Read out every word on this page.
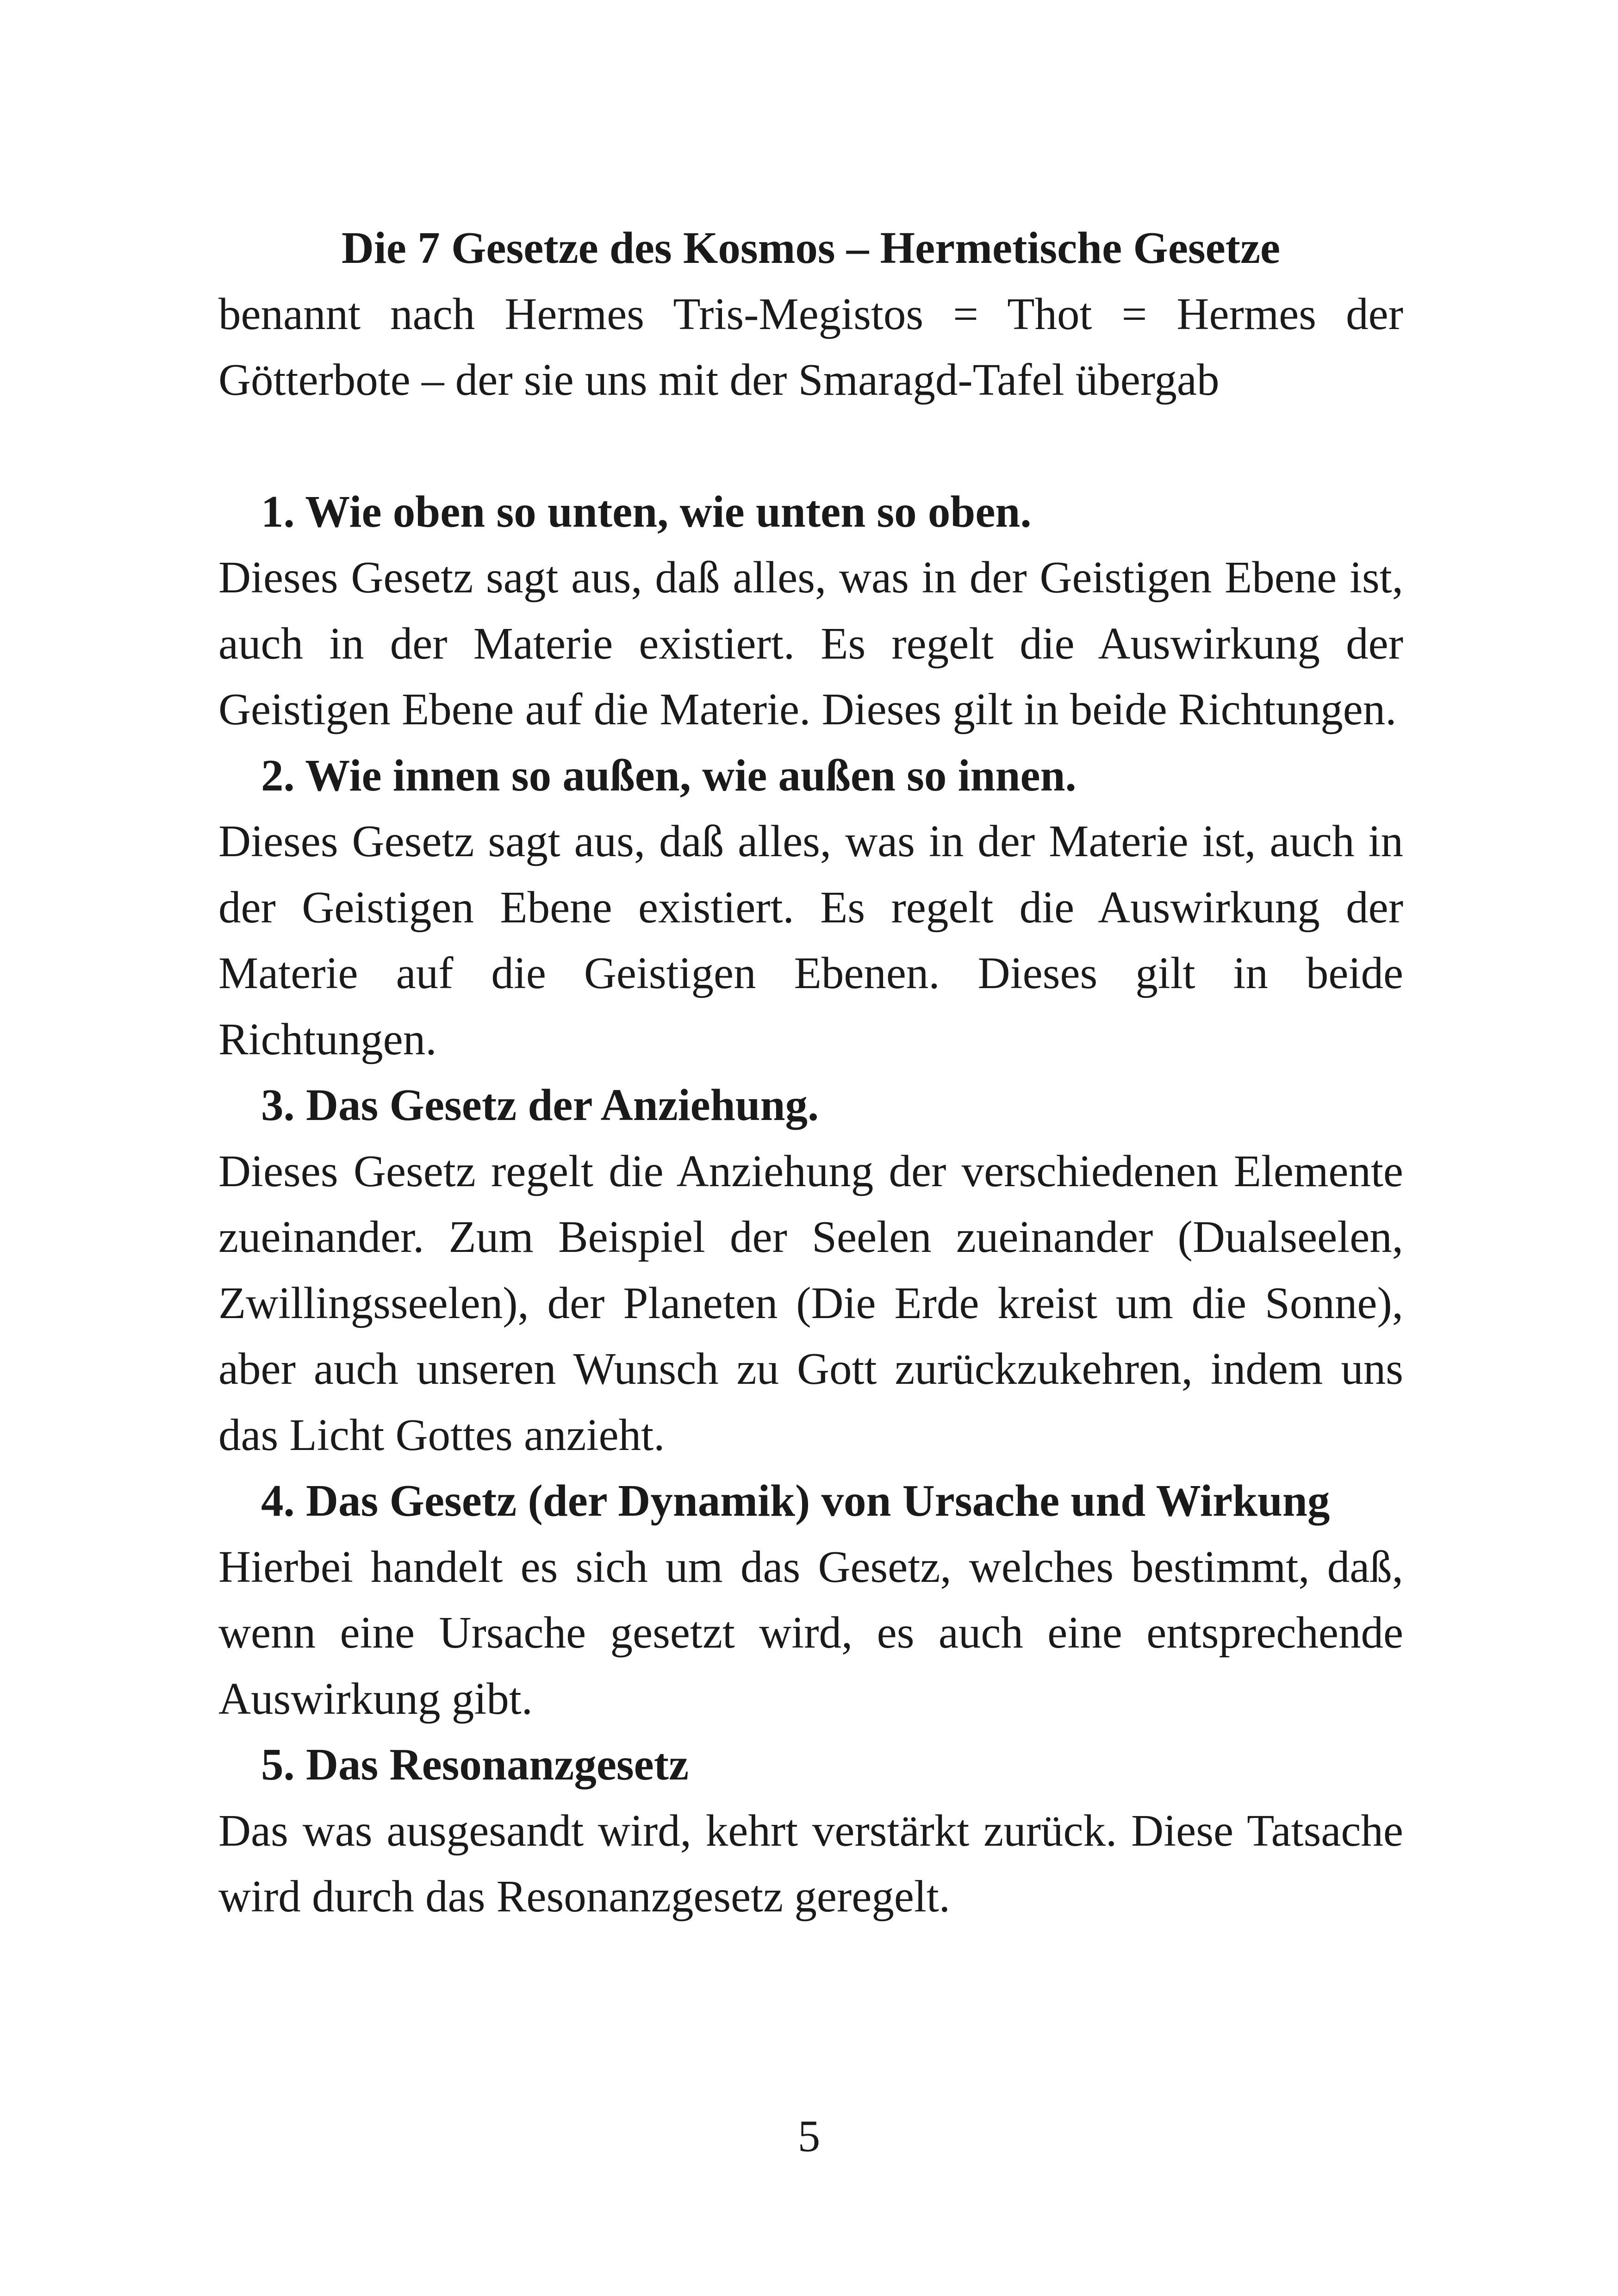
Die 7 Gesetze des Kosmos – Hermetische Gesetze

benannt nach Hermes Tris-Megistos = Thot = Hermes der Götterbote – der sie uns mit der Smaragd-Tafel übergab

1. Wie oben so unten, wie unten so oben.

Dieses Gesetz sagt aus, daß alles, was in der Geistigen Ebene ist, auch in der Materie existiert. Es regelt die Auswirkung der Geistigen Ebene auf die Materie. Dieses gilt in beide Richtungen.

2. Wie innen so außen, wie außen so innen.

Dieses Gesetz sagt aus, daß alles, was in der Materie ist, auch in der Geistigen Ebene existiert. Es regelt die Auswirkung der Materie auf die Geistigen Ebenen. Dieses gilt in beide Richtungen.

3. Das Gesetz der Anziehung.

Dieses Gesetz regelt die Anziehung der verschiedenen Elemente zueinander. Zum Beispiel der Seelen zueinander (Dualseelen, Zwillingsseelen), der Planeten (Die Erde kreist um die Sonne), aber auch unseren Wunsch zu Gott zurückzukehren, indem uns das Licht Gottes anzieht.

4. Das Gesetz (der Dynamik) von Ursache und Wirkung

Hierbei handelt es sich um das Gesetz, welches bestimmt, daß, wenn eine Ursache gesetzt wird, es auch eine entsprechende Auswirkung gibt.

5. Das Resonanzgesetz

Das was ausgesandt wird, kehrt verstärkt zurück. Diese Tatsache wird durch das Resonanzgesetz geregelt.

5
